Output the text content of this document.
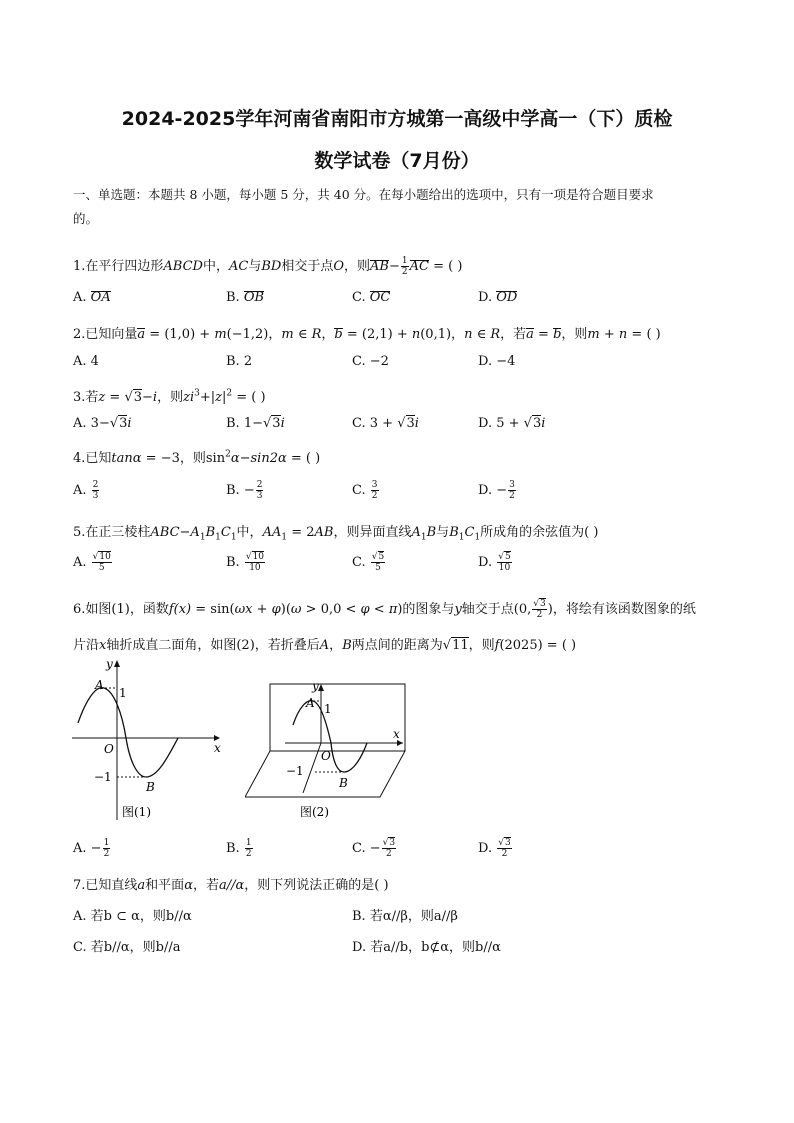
2024-2025学年河南省南阳市方城第一高级中学高一（下）质检
数学试卷（7月份）
一、单选题：本题共 8 小题，每小题 5 分，共 40 分。在每小题给出的选项中，只有一项是符合题目要求
的。
1.在平行四边形ABCD中，AC与BD相交于点O，则$AB- \frac{1}{2}$ AC = ( )
A. OA	B. OB	C. OC	D. OD
2.已知向量a = (1,0) + m(−1,2)，m ∈ R，b = (2,1) + n(0,1)，n ∈ R，若a = b，则m + n = ( )
A. 4	B. 2	C. −2	D. −4
3.若z = √3−i，则$zi^3+|z|^2$ = ( )
A. 3−√3i	B. 1−√3i	C. 3 + √3i	D. 5 + √3i
4.已知tanα = −3，则$\sin^2\alpha-\sin 2\alpha$ = ( )
A. $\frac{2}{3}$	B. − $\frac{2}{3}$	C. $\frac{3}{2}$	D. − $\frac{3}{2}$
5.在正三棱柱$ABC-A_1B_1C_1$中，$AA_1 = 2AB$，则异面直线$A_1B$与$B_1C_1$所成角的余弦值为( )
A. $\frac{√10}{5}$	B. $\frac{√10}{10}$	C. $\frac{√5}{5}$	D. $\frac{√5}{10}$
6.如图(1)，函数f(x) = sin(ωx + φ)(ω > 0,0 < φ < π)的图象与y轴交于点(0, $\frac{√3}{2}$ )，将绘有该函数图象的纸
片沿x轴折成直二面角，如图(2)，若折叠后A，B两点间的距离为√11，则f(2025) = ( )
y
x
O
A
1
−1
B
图(1)
y
x
O
A 1
−1
B
图(2)
A. − $\frac{1}{2}$	B. $\frac{1}{2}$	C. − $\frac{√3}{2}$	D. $\frac{√3}{2}$
7.已知直线a和平面α，若a//α，则下列说法正确的是( )
A. 若b ⊂ α，则b//α	B. 若α//β，则a//β
C. 若b//α，则b//a	D. 若a//b，b⊄α，则b//α
